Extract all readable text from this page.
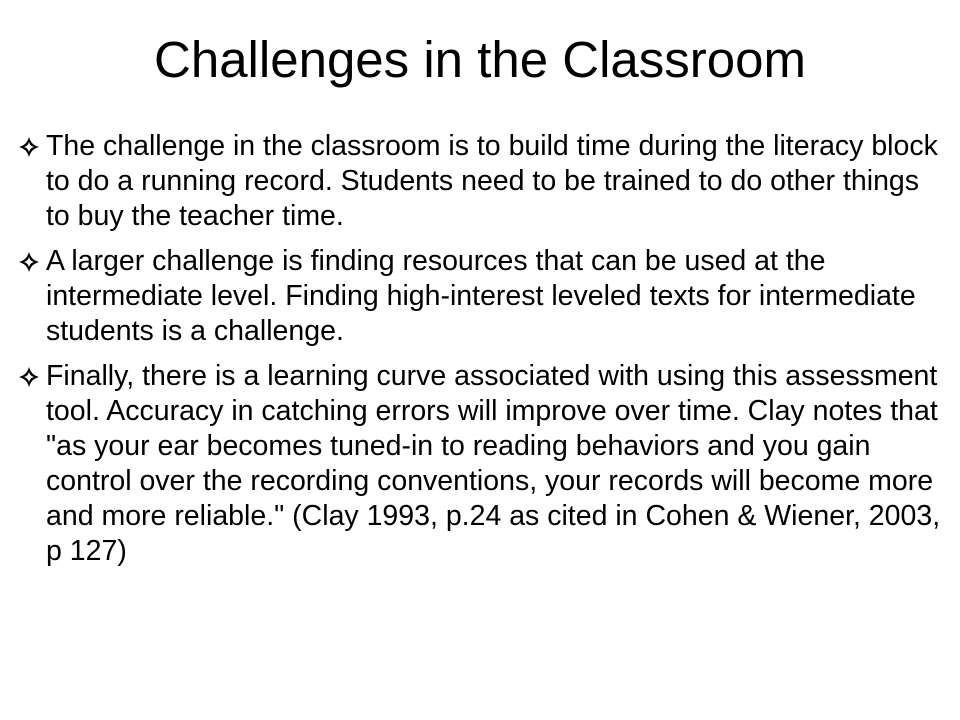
Challenges in the Classroom
The challenge in the classroom is to build time during the literacy block to do a running record. Students need to be trained to do other things to buy the teacher time.
A larger challenge is finding resources that can be used at the intermediate level. Finding high-interest leveled texts for intermediate students is a challenge.
Finally, there is a learning curve associated with using this assessment tool. Accuracy in catching errors will improve over time. Clay notes that "as your ear becomes tuned-in to reading behaviors and you gain control over the recording conventions, your records will become more and more reliable." (Clay 1993, p.24 as cited in Cohen & Wiener, 2003, p 127)
